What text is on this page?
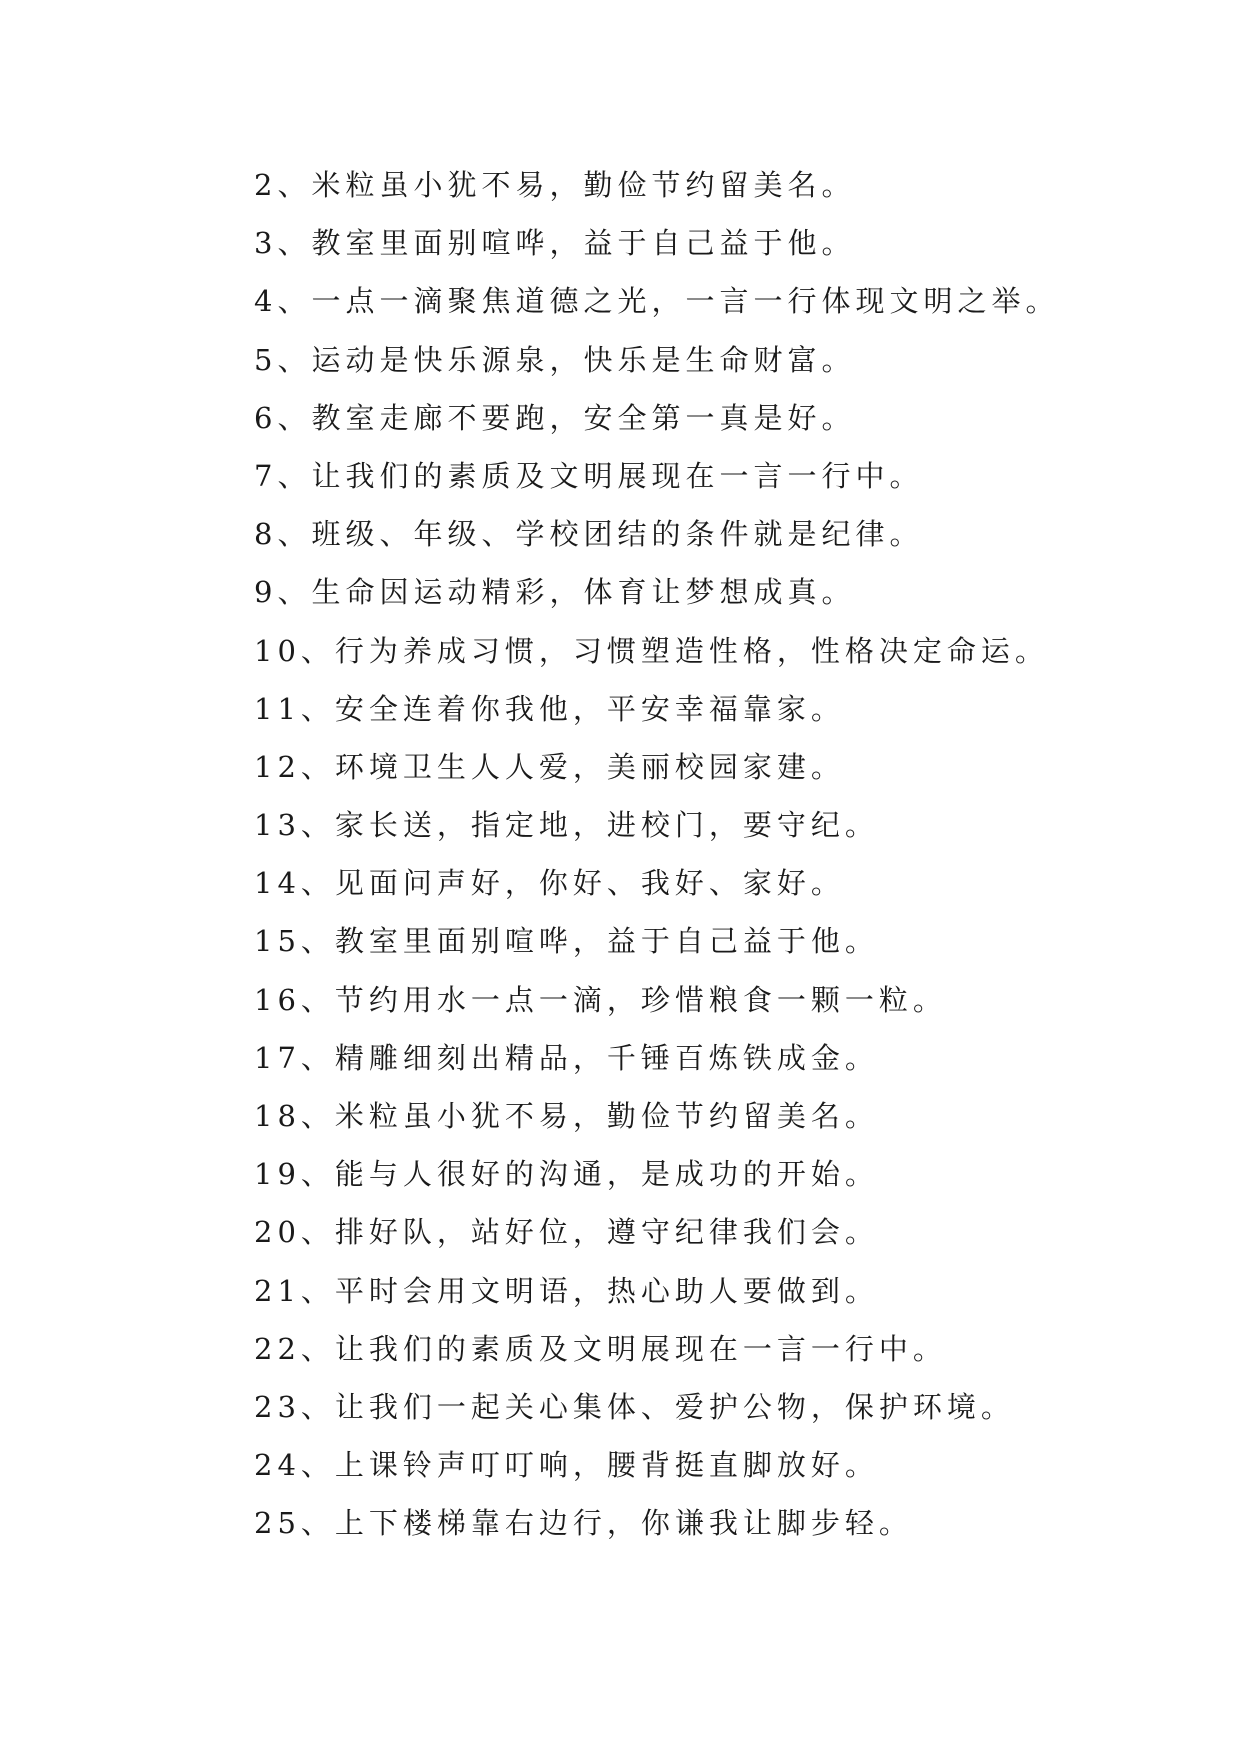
2、米粒虽小犹不易，勤俭节约留美名。
3、教室里面别喧哗，益于自己益于他。
4、一点一滴聚焦道德之光，一言一行体现文明之举。
5、运动是快乐源泉，快乐是生命财富。
6、教室走廊不要跑，安全第一真是好。
7、让我们的素质及文明展现在一言一行中。
8、班级、年级、学校团结的条件就是纪律。
9、生命因运动精彩，体育让梦想成真。
10、行为养成习惯，习惯塑造性格，性格决定命运。
11、安全连着你我他，平安幸福靠家。
12、环境卫生人人爱，美丽校园家建。
13、家长送，指定地，进校门，要守纪。
14、见面问声好，你好、我好、家好。
15、教室里面别喧哗，益于自己益于他。
16、节约用水一点一滴，珍惜粮食一颗一粒。
17、精雕细刻出精品，千锤百炼铁成金。
18、米粒虽小犹不易，勤俭节约留美名。
19、能与人很好的沟通，是成功的开始。
20、排好队，站好位，遵守纪律我们会。
21、平时会用文明语，热心助人要做到。
22、让我们的素质及文明展现在一言一行中。
23、让我们一起关心集体、爱护公物，保护环境。
24、上课铃声叮叮响，腰背挺直脚放好。
25、上下楼梯靠右边行，你谦我让脚步轻。
